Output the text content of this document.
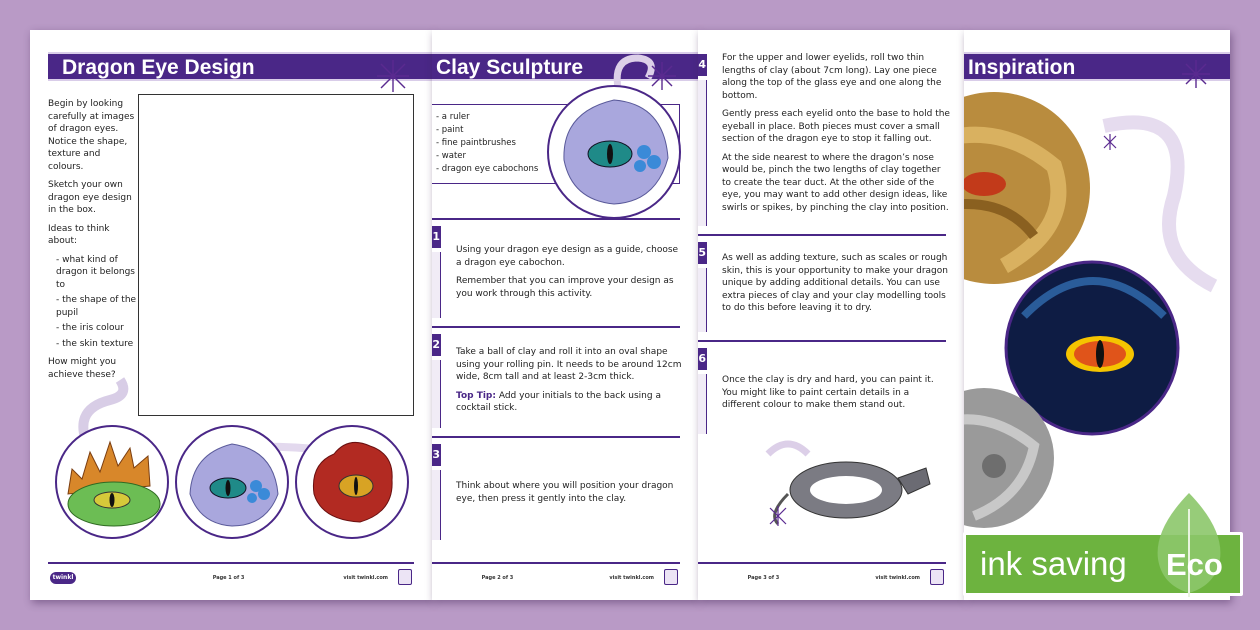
Dragon Eye Design

Begin by looking carefully at images of dragon eyes. Notice the shape, texture and colours.

Sketch your own dragon eye design in the box.

Ideas to think about:

- what kind of dragon it belongs to
- the shape of the pupil
- the iris colour
- the skin texture

How might you achieve these?

twinkl	Page 1 of 3	visit twinkl.com
Clay Sculpture
- a ruler
- paint
- fine paintbrushes
- water
- dragon eye cabochons
1

Using your dragon eye design as a guide, choose a dragon eye cabochon.

Remember that you can improve your design as you work through this activity.

2

Take a ball of clay and roll it into an oval shape using your rolling pin. It needs to be around 12cm wide, 8cm tall and at least 2-3cm thick.

Top Tip: Add your initials to the back using a cocktail stick.

3

Think about where you will position your dragon eye, then press it gently into the clay.

Page 2 of 3	visit twinkl.com
4 For the upper and lower eyelids, roll two thin lengths of clay (about 7cm long). Lay one piece along the top of the glass eye and one along the bottom.

Gently press each eyelid onto the base to hold the eyeball in place. Both pieces must cover a small section of the dragon eye to stop it falling out.

At the side nearest to where the dragon’s nose would be, pinch the two lengths of clay together to create the tear duct. At the other side of the eye, you may want to add other design ideas, like swirls or spikes, by pinching the clay into position.

5 As well as adding texture, such as scales or rough skin, this is your opportunity to make your dragon unique by adding additional details. You can use extra pieces of clay and your clay modelling tools to do this before leaving it to dry.

6

Once the clay is dry and hard, you can paint it. You might like to paint certain details in a different colour to make them stand out.

Page 3 of 3	visit twinkl.com
Inspiration
ink saving Eco
